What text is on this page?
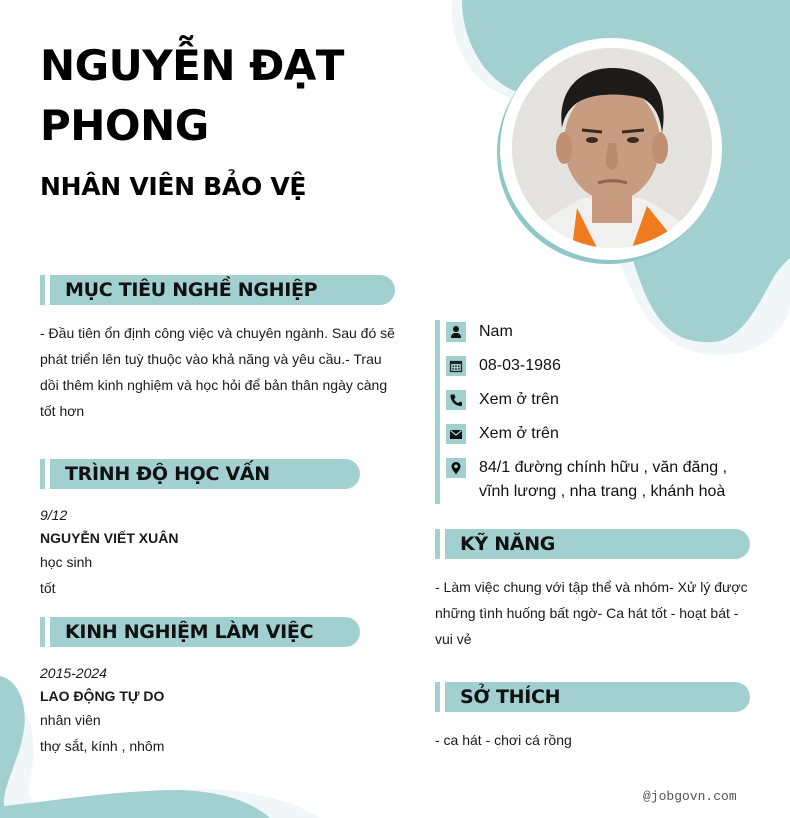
NGUYỄN ĐẠT PHONG
NHÂN VIÊN BẢO VỆ
MỤC TIÊU NGHỀ NGHIỆP
- Đầu tiên ổn định công việc và chuyên ngành. Sau đó sẽ phát triển lên tuỳ thuộc vào khả năng và yêu cầu.- Trau dồi thêm kinh nghiệm và học hỏi để bản thân ngày càng tốt hơn
TRÌNH ĐỘ HỌC VẤN
9/12
NGUYỄN VIẾT XUÂN
học sinh
tốt
KINH NGHIỆM LÀM VIỆC
2015-2024
LAO ĐỘNG TỰ DO
nhân viên
thợ sắt, kính , nhôm
Nam
08-03-1986
Xem ở trên
Xem ở trên
84/1 đường chính hữu , văn đăng , vĩnh lương , nha trang , khánh hoà
KỸ NĂNG
- Làm việc chung với tập thể và nhóm- Xử lý được những tình huống bất ngờ- Ca hát tốt - hoạt bát - vui vẻ
SỞ THÍCH
- ca hát - chơi cá rồng
@jobgovn.com
